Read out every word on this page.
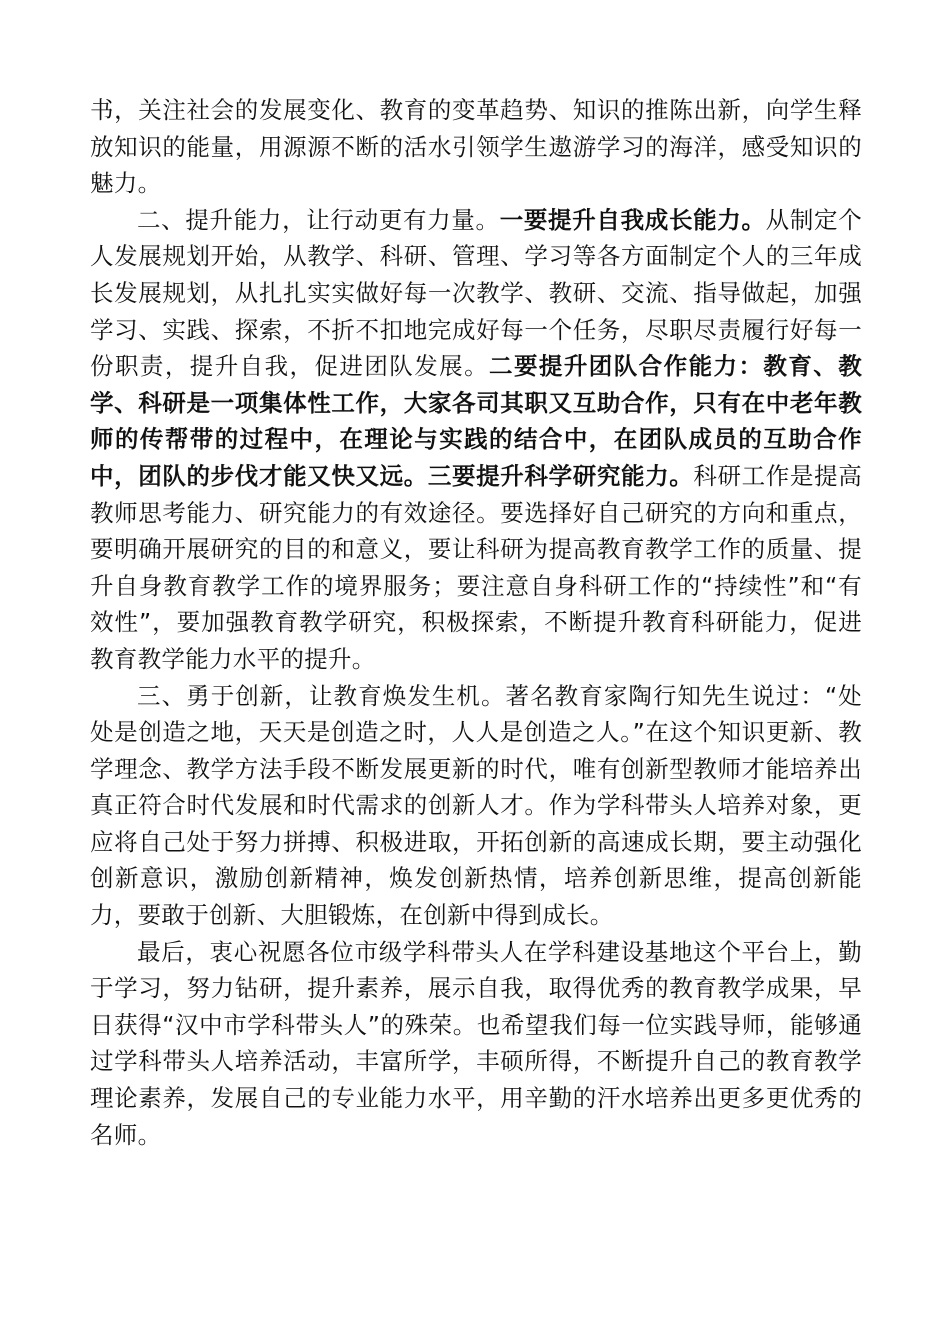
书，关注社会的发展变化、教育的变革趋势、知识的推陈出新，向学生释放知识的能量，用源源不断的活水引领学生遨游学习的海洋，感受知识的魅力。

二、提升能力，让行动更有力量。一要提升自我成长能力。从制定个人发展规划开始，从教学、科研、管理、学习等各方面制定个人的三年成长发展规划，从扎扎实实做好每一次教学、教研、交流、指导做起，加强学习、实践、探索，不折不扣地完成好每一个任务，尽职尽责履行好每一份职责，提升自我，促进团队发展。二要提升团队合作能力：教育、教学、科研是一项集体性工作，大家各司其职又互助合作，只有在中老年教师的传帮带的过程中，在理论与实践的结合中，在团队成员的互助合作中，团队的步伐才能又快又远。三要提升科学研究能力。科研工作是提高教师思考能力、研究能力的有效途径。要选择好自己研究的方向和重点，要明确开展研究的目的和意义，要让科研为提高教育教学工作的质量、提升自身教育教学工作的境界服务；要注意自身科研工作的“持续性”和“有效性”，要加强教育教学研究，积极探索，不断提升教育科研能力，促进教育教学能力水平的提升。

三、勇于创新，让教育焕发生机。著名教育家陶行知先生说过：“处处是创造之地，天天是创造之时，人人是创造之人。”在这个知识更新、教学理念、教学方法手段不断发展更新的时代，唯有创新型教师才能培养出真正符合时代发展和时代需求的创新人才。作为学科带头人培养对象，更应将自己处于努力拼搏、积极进取，开拓创新的高速成长期，要主动强化创新意识，激励创新精神，焕发创新热情，培养创新思维，提高创新能力，要敢于创新、大胆锻炼，在创新中得到成长。

最后，衷心祝愿各位市级学科带头人在学科建设基地这个平台上，勤于学习，努力钻研，提升素养，展示自我，取得优秀的教育教学成果，早日获得“汉中市学科带头人”的殊荣。也希望我们每一位实践导师，能够通过学科带头人培养活动，丰富所学，丰硕所得，不断提升自己的教育教学理论素养，发展自己的专业能力水平，用辛勤的汗水培养出更多更优秀的名师。
